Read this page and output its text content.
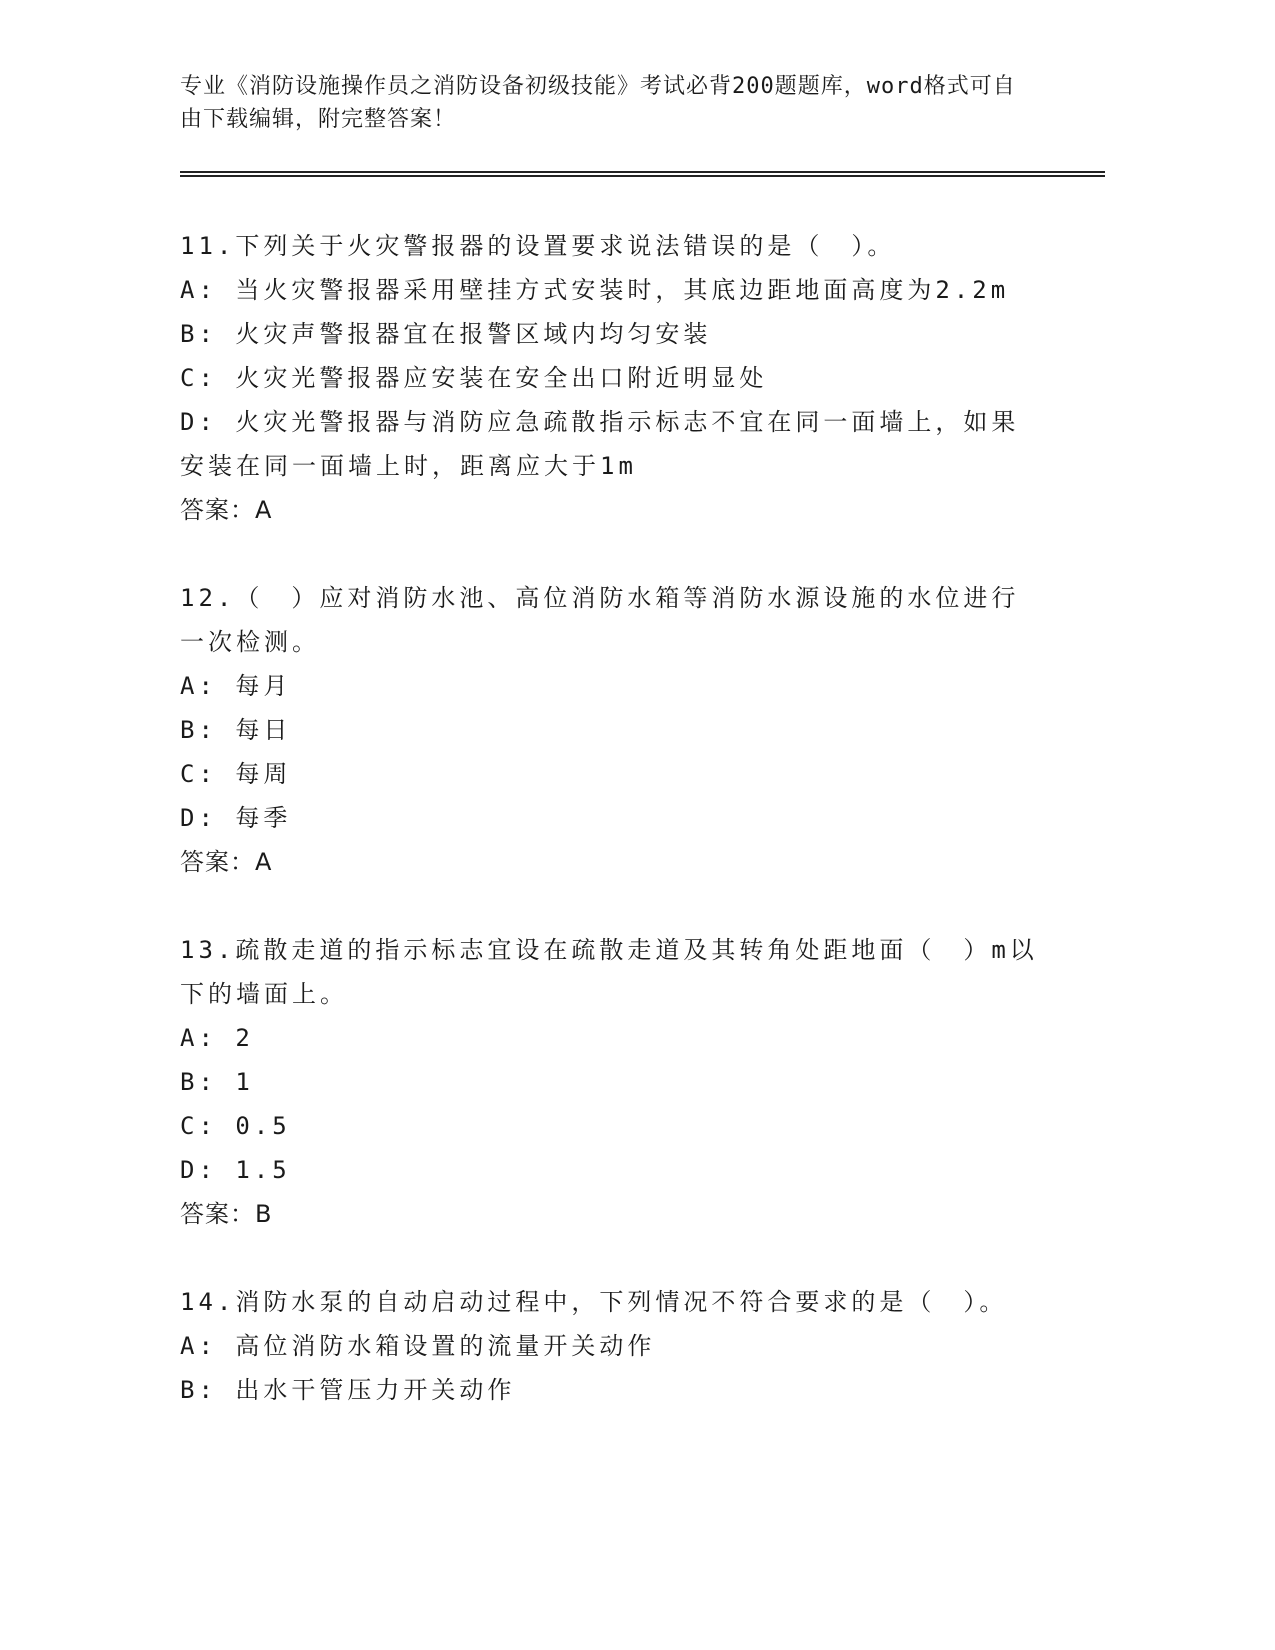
专业《消防设施操作员之消防设备初级技能》考试必背200题题库，word格式可自由下载编辑，附完整答案！
11.下列关于火灾警报器的设置要求说法错误的是（　）。
A: 当火灾警报器采用壁挂方式安装时，其底边距地面高度为2.2m
B: 火灾声警报器宜在报警区域内均匀安装
C: 火灾光警报器应安装在安全出口附近明显处
D: 火灾光警报器与消防应急疏散指示标志不宜在同一面墙上，如果安装在同一面墙上时，距离应大于1m
答案：A
12.（　）应对消防水池、高位消防水箱等消防水源设施的水位进行一次检测。
A: 每月
B: 每日
C: 每周
D: 每季
答案：A
13.疏散走道的指示标志宜设在疏散走道及其转角处距地面（　）m以下的墙面上。
A: 2
B: 1
C: 0.5
D: 1.5
答案：B
14.消防水泵的自动启动过程中，下列情况不符合要求的是（　）。
A: 高位消防水箱设置的流量开关动作
B: 出水干管压力开关动作
